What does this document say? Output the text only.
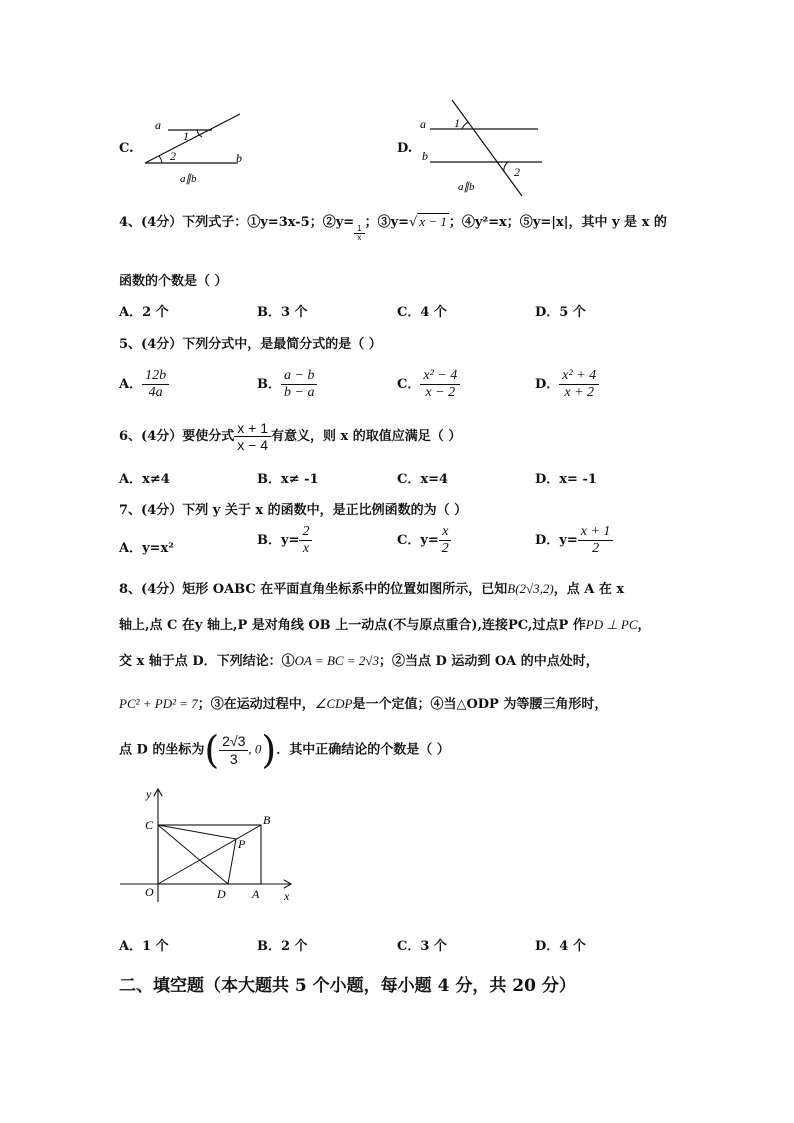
C.
a
1
2	b
a∥b
D.
a 1
b
2
a∥b
4、(4分）下列式子：①y=3x-5；②y=
$\frac{1}{x}$
；③y=√ x − 1 ；④y²=x；⑤y=|x|，其中 y 是 x 的
函数的个数是（ ）
A．2 个	B．3 个	C．4 个	D．5 个
5、(4分）下列分式中，是最简分式的是（ ）
A． $\frac{12b}{4a}$	B． $\frac{a - b}{b - a}$	C． $\frac{\text{x² − 4}}{x - 2}$	D． $\frac{\text{x² + 4}}{x + 2}$
6、(4分）要使分式 $\frac{x + 1}{x - 4}$ 有意义，则 x 的取值应满足（ ）
A．x≠4	B．x≠ -1	C．x=4	D．x= -1
7、(4分）下列 y 关于 x 的函数中，是正比例函数的为（ ）
A．y=x²
B．$y= \frac{2}{x}$	C．$y= \frac{x}{2}$	D．$y= \frac{x + 1}{2}$
8、(4分）矩形 OABC 在平面直角坐标系中的位置如图所示，已知B(2√3,2)，点 A 在 x
轴上,点 C 在y 轴上,P 是对角线 OB 上一动点(不与原点重合),连接PC,过点P 作PD ⊥ PC，
交 x 轴于点 D．下列结论：①OA = BC = 2√3；②当点 D 运动到 OA 的中点处时，
PC² + PD² = 7；③在运动过程中，∠CDP是一个定值；④当△ODP 为等腰三角形时，
点 D 的坐标为( $\frac{2√3}{3}$ , 0)．其中正确结论的个数是（ ）
y
x
C	B
P
O	D A
A．1 个	B．2 个	C．3 个	D．4 个
二、填空题（本大题共 5 个小题，每小题 4 分，共 20 分）
